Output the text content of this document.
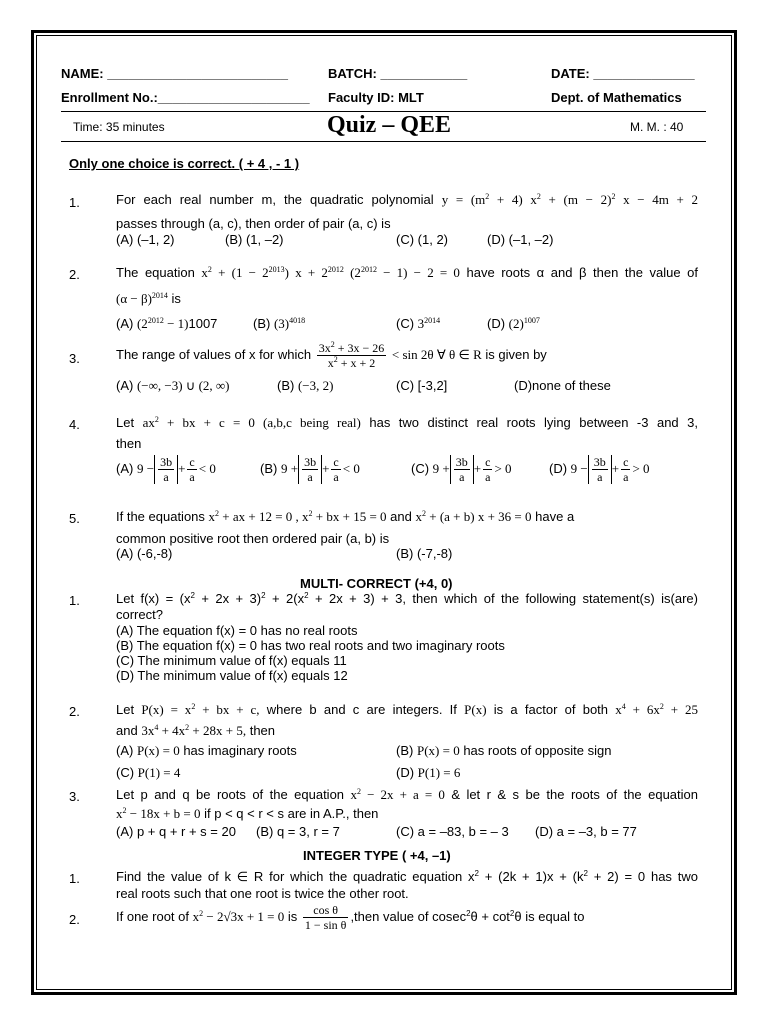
NAME: _________________________	BATCH: ____________	DATE: ______________
Enrollment No.:_____________________ Faculty ID: MLT	Dept. of Mathematics
Time: 35 minutes	Quiz – QEE	M. M. : 40
Only one choice is correct. ( + 4 , - 1 )
1.	For each real number m, the quadratic polynomial $y = (m^2 + 4) x^2 + (m - 2)^2$ x − 4m + 2
passes through (a, c), then order of pair (a, c) is
(A) (–1, 2)	(B) (1, –2)	(C) (1, 2)	(D) (–1, –2)
2.	The equation $x^2 + (1 - 2^{2013}) x + 2^{2012}$ $(2^{2012} - 1) - 2 = 0$ have roots α and β then the value of
$(\alpha - \beta)^{2014}$ is
(A) $(2^{2012} - 1)1007$	(B) $(3)^{4018}$	(C) $3^{2014}$	(D) $(2)^{1007}$
3.	The range of values of x for which $\frac{3x^2 + 3x - 26}{x^2 + x + 2} < \sin 2\theta$ ∀ θ ∈ R is given by
(A) (−∞, −3) ∪ (2, ∞)	(B) (−3, 2)	(C) [-3,2]	(D)none of these
4.	Let $ax^2$ + bx + c = 0 (a,b,c being real) has two distinct real roots lying between -3 and 3,
then
(A) $9 - \frac{3b}{a} + \frac{c}{a} < 0$	(B) $9 + \frac{3b}{a} + \frac{c}{a} < 0$	(C) $9 + \frac{3b}{a} + \frac{c}{a} > 0$	(D) $9 - \frac{3b}{a} + \frac{c}{a} > 0$
5.	If the equations $x^2$ + ax + 12 = 0 , $x^2$ + bx + 15 = 0 and $x^2 + (a + b) x + 36 = 0$ have a
common positive root then ordered pair (a, b) is
(A) (-6,-8)	(B) (-7,-8)
MULTI- CORRECT (+4, 0)
1.	Let $f(x) = (x^2 + 2x + 3)^2 + 2(x^2 + 2x + 3) + 3$, then which of the following statement(s) is(are)
correct?
(A) The equation f(x) = 0 has no real roots
(B) The equation f(x) = 0 has two real roots and two imaginary roots
(C) The minimum value of f(x) equals 11
(D) The minimum value of f(x) equals 12
2.	Let $P(x) = x^2$ + bx + c, where b and c are integers. If P(x) is a factor of both $x^4 + 6x^2 + 25$
and $3x^4 + 4x^2 + 28x + 5$, then
(A) P(x) = 0 has imaginary roots	(B) P(x) = 0 has roots of opposite sign
(C) P(1) = 4	(D) P(1) = 6
3.	Let p and q be roots of the equation $x^2 - 2x + a = 0$ & let r & s be the roots of the equation
$x^2 - 18x + b = 0$ if p < q < r < s are in A.P., then
(A) p + q + r + s = 20 (B) q = 3, r = 7	(C) a = –83, b = – 3 (D) a = –3, b = 77
INTEGER TYPE ( +4, –1)
1.	Find the value of k ∈ R for which the quadratic equation $x^2 + (2k + 1)x + (k^2 + 2) = 0$ has two
real roots such that one root is twice the other root.
2.	If one root of $x^2 - 2√3x + 1 = 0$ is $\frac{\text{cos θ}}{\text{1 − sin θ}}$ ,then value of $cosec^2\theta + \cot^2\theta$ is equal to
